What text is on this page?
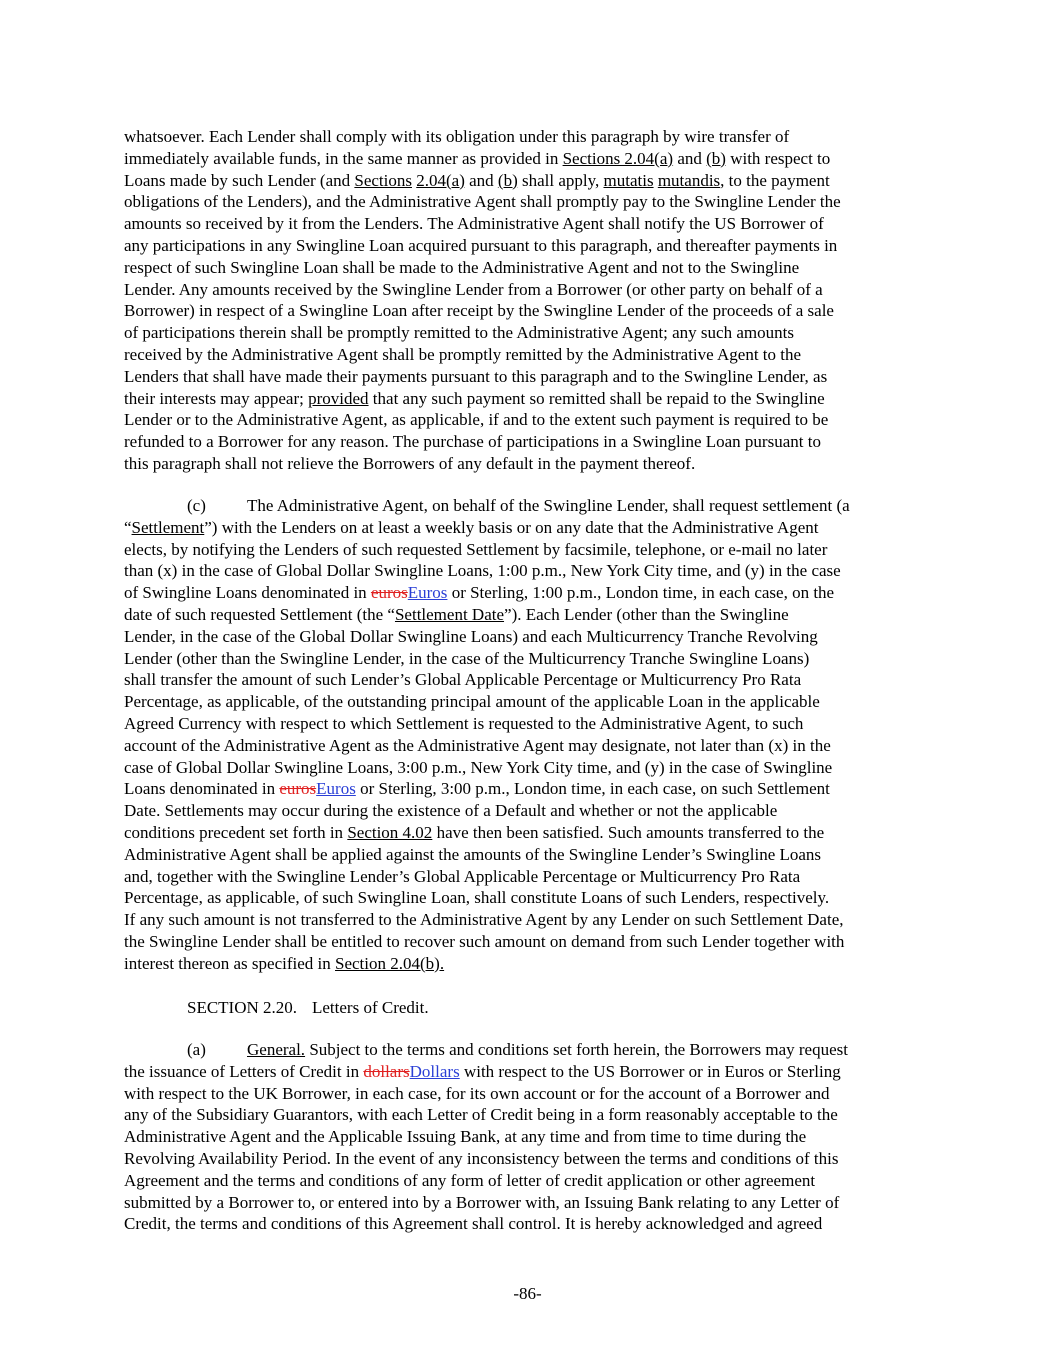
whatsoever. Each Lender shall comply with its obligation under this paragraph by wire transfer of

immediately available funds, in the same manner as provided in Sections 2.04(a) and (b) with respect to

Loans made by such Lender (and Sections 2.04(a) and (b) shall apply, mutatis mutandis, to the payment

obligations of the Lenders), and the Administrative Agent shall promptly pay to the Swingline Lender the

amounts so received by it from the Lenders. The Administrative Agent shall notify the US Borrower of

any participations in any Swingline Loan acquired pursuant to this paragraph, and thereafter payments in

respect of such Swingline Loan shall be made to the Administrative Agent and not to the Swingline

Lender. Any amounts received by the Swingline Lender from a Borrower (or other party on behalf of a

Borrower) in respect of a Swingline Loan after receipt by the Swingline Lender of the proceeds of a sale

of participations therein shall be promptly remitted to the Administrative Agent; any such amounts

received by the Administrative Agent shall be promptly remitted by the Administrative Agent to the

Lenders that shall have made their payments pursuant to this paragraph and to the Swingline Lender, as

their interests may appear; provided that any such payment so remitted shall be repaid to the Swingline

Lender or to the Administrative Agent, as applicable, if and to the extent such payment is required to be

refunded to a Borrower for any reason. The purchase of participations in a Swingline Loan pursuant to

this paragraph shall not relieve the Borrowers of any default in the payment thereof.

(c) The Administrative Agent, on behalf of the Swingline Lender, shall request settlement (a

“Settlement”) with the Lenders on at least a weekly basis or on any date that the Administrative Agent

elects, by notifying the Lenders of such requested Settlement by facsimile, telephone, or e-mail no later

than (x) in the case of Global Dollar Swingline Loans, 1:00 p.m., New York City time, and (y) in the case

of Swingline Loans denominated in eurosEuros or Sterling, 1:00 p.m., London time, in each case, on the

date of such requested Settlement (the “Settlement Date”). Each Lender (other than the Swingline

Lender, in the case of the Global Dollar Swingline Loans) and each Multicurrency Tranche Revolving

Lender (other than the Swingline Lender, in the case of the Multicurrency Tranche Swingline Loans)

shall transfer the amount of such Lender’s Global Applicable Percentage or Multicurrency Pro Rata

Percentage, as applicable, of the outstanding principal amount of the applicable Loan in the applicable

Agreed Currency with respect to which Settlement is requested to the Administrative Agent, to such

account of the Administrative Agent as the Administrative Agent may designate, not later than (x) in the

case of Global Dollar Swingline Loans, 3:00 p.m., New York City time, and (y) in the case of Swingline

Loans denominated in eurosEuros or Sterling, 3:00 p.m., London time, in each case, on such Settlement

Date. Settlements may occur during the existence of a Default and whether or not the applicable

conditions precedent set forth in Section 4.02 have then been satisfied. Such amounts transferred to the

Administrative Agent shall be applied against the amounts of the Swingline Lender’s Swingline Loans

and, together with the Swingline Lender’s Global Applicable Percentage or Multicurrency Pro Rata

Percentage, as applicable, of such Swingline Loan, shall constitute Loans of such Lenders, respectively.

If any such amount is not transferred to the Administrative Agent by any Lender on such Settlement Date,

the Swingline Lender shall be entitled to recover such amount on demand from such Lender together with

interest thereon as specified in Section 2.04(b).

SECTION 2.20. Letters of Credit.

(a) General. Subject to the terms and conditions set forth herein, the Borrowers may request

the issuance of Letters of Credit in dollarsDollars with respect to the US Borrower or in Euros or Sterling

with respect to the UK Borrower, in each case, for its own account or for the account of a Borrower and

any of the Subsidiary Guarantors, with each Letter of Credit being in a form reasonably acceptable to the

Administrative Agent and the Applicable Issuing Bank, at any time and from time to time during the

Revolving Availability Period. In the event of any inconsistency between the terms and conditions of this

Agreement and the terms and conditions of any form of letter of credit application or other agreement

submitted by a Borrower to, or entered into by a Borrower with, an Issuing Bank relating to any Letter of

Credit, the terms and conditions of this Agreement shall control. It is hereby acknowledged and agreed

-86-
